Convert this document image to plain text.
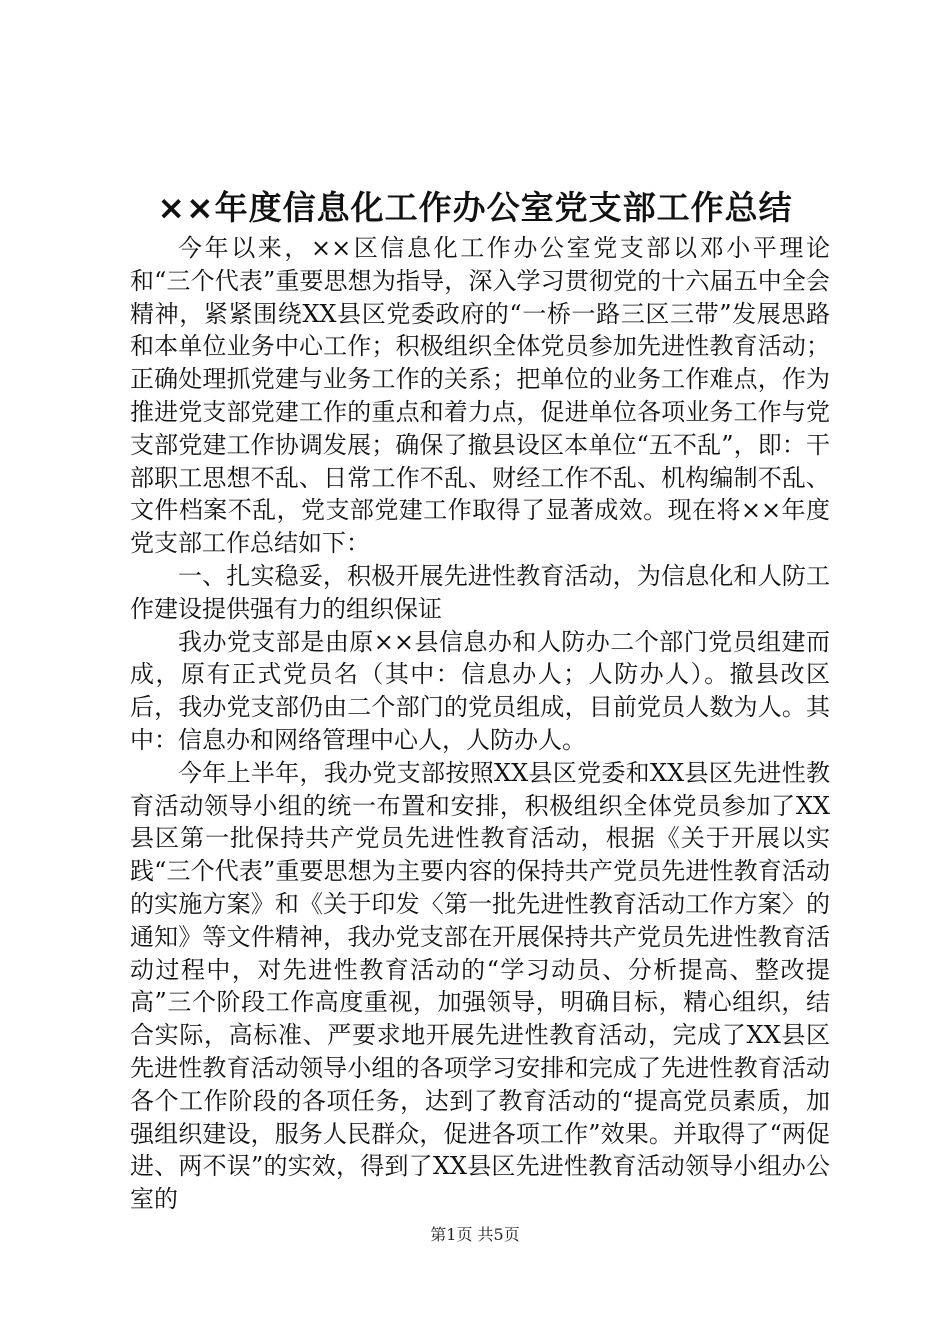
××年度信息化工作办公室党支部工作总结

今年以来，××区信息化工作办公室党支部以邓小平理论和“三个代表”重要思想为指导，深入学习贯彻党的十六届五中全会精神，紧紧围绕XX县区党委政府的“一桥一路三区三带”发展思路和本单位业务中心工作；积极组织全体党员参加先进性教育活动；正确处理抓党建与业务工作的关系；把单位的业务工作难点，作为推进党支部党建工作的重点和着力点，促进单位各项业务工作与党支部党建工作协调发展；确保了撤县设区本单位“五不乱”，即：干部职工思想不乱、日常工作不乱、财经工作不乱、机构编制不乱、文件档案不乱，党支部党建工作取得了显著成效。现在将××年度党支部工作总结如下：

一、扎实稳妥，积极开展先进性教育活动，为信息化和人防工作建设提供强有力的组织保证

我办党支部是由原××县信息办和人防办二个部门党员组建而成，原有正式党员名（其中：信息办人；人防办人）。撤县改区后，我办党支部仍由二个部门的党员组成，目前党员人数为人。其中：信息办和网络管理中心人，人防办人。

今年上半年，我办党支部按照XX县区党委和XX县区先进性教育活动领导小组的统一布置和安排，积极组织全体党员参加了XX县区第一批保持共产党员先进性教育活动，根据《关于开展以实践“三个代表”重要思想为主要内容的保持共产党员先进性教育活动的实施方案》和《关于印发〈第一批先进性教育活动工作方案〉的通知》等文件精神，我办党支部在开展保持共产党员先进性教育活动过程中，对先进性教育活动的“学习动员、分析提高、整改提高”三个阶段工作高度重视，加强领导，明确目标，精心组织，结合实际，高标准、严要求地开展先进性教育活动，完成了XX县区先进性教育活动领导小组的各项学习安排和完成了先进性教育活动各个工作阶段的各项任务，达到了教育活动的“提高党员素质，加强组织建设，服务人民群众，促进各项工作”效果。并取得了“两促进、两不误”的实效，得到了XX县区先进性教育活动领导小组办公室的

第1页 共5页
